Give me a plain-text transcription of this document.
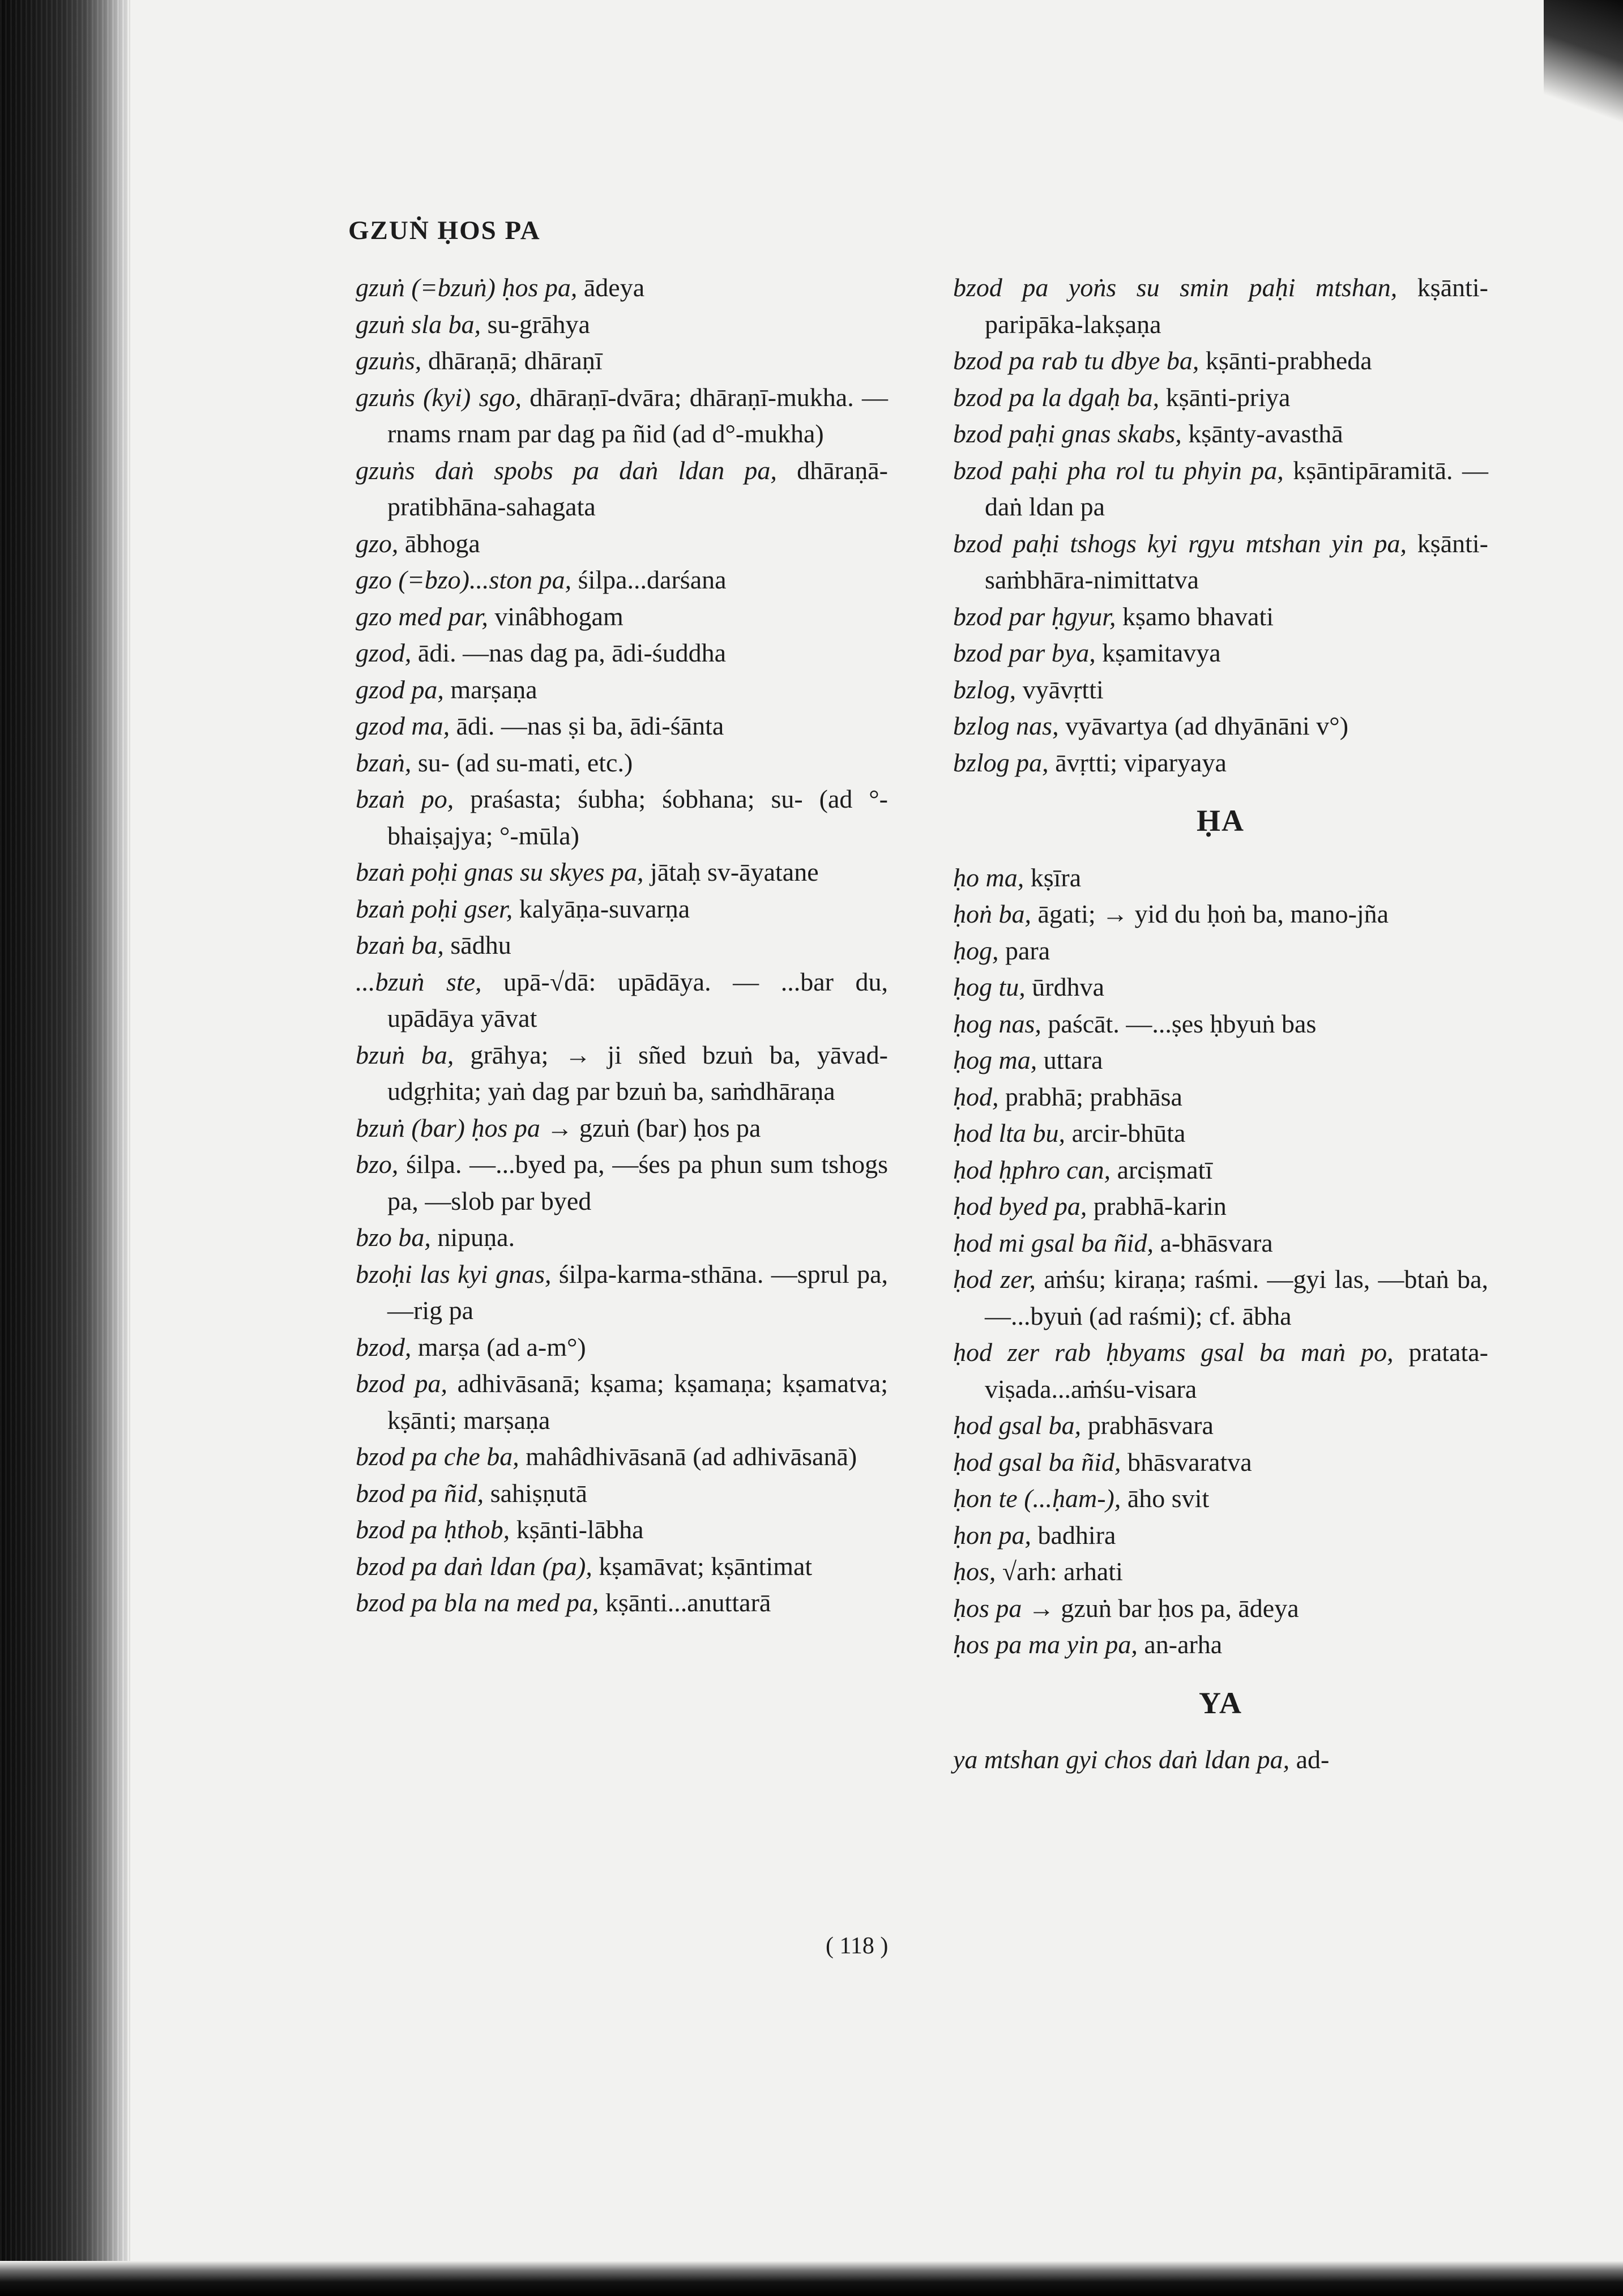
GZUṄ ḤOS PA
gzuṅ (=bzuṅ) ḥos pa, ādeya
gzuṅ sla ba, su-grāhya
gzuṅs, dhāraṇā; dhāraṇī
gzuṅs (kyi) sgo, dhāraṇī-dvāra; dhāraṇī-mukha. —rnams rnam par dag pa ñid (ad d°-mukha)
gzuṅs daṅ spobs pa daṅ ldan pa, dhāraṇā-pratibhāna-sahagata
gzo, ābhoga
gzo (=bzo)...ston pa, śilpa...darśana
gzo med par, vinâbhogam
gzod, ādi. —nas dag pa, ādi-śuddha
gzod pa, marṣaṇa
gzod ma, ādi. —nas ṣi ba, ādi-śānta
bzaṅ, su- (ad su-mati, etc.)
bzaṅ po, praśasta; śubha; śobhana; su- (ad °-bhaiṣajya; °-mūla)
bzaṅ poḥi gnas su skyes pa, jātaḥ sv-āyatane
bzaṅ poḥi gser, kalyāṇa-suvarṇa
bzaṅ ba, sādhu
...bzuṅ ste, upā-√dā: upādāya. — ...bar du, upādāya yāvat
bzuṅ ba, grāhya; → ji sñed bzuṅ ba, yāvad-udgṛhita; yaṅ dag par bzuṅ ba, saṁdhāraṇa
bzuṅ (bar) ḥos pa → gzuṅ (bar) ḥos pa
bzo, śilpa. —...byed pa, —śes pa phun sum tshogs pa, —slob par byed
bzo ba, nipuṇa.
bzoḥi las kyi gnas, śilpa-karma-sthāna. —sprul pa, —rig pa
bzod, marṣa (ad a-m°)
bzod pa, adhivāsanā; kṣama; kṣamaṇa; kṣamatva; kṣānti; marṣaṇa
bzod pa che ba, mahâdhivāsanā (ad adhivāsanā)
bzod pa ñid, sahiṣṇutā
bzod pa ḥthob, kṣānti-lābha
bzod pa daṅ ldan (pa), kṣamāvat; kṣāntimat
bzod pa bla na med pa, kṣānti...anuttarā
bzod pa yoṅs su smin paḥi mtshan, kṣānti-paripāka-lakṣaṇa
bzod pa rab tu dbye ba, kṣānti-prabheda
bzod pa la dgaḥ ba, kṣānti-priya
bzod paḥi gnas skabs, kṣānty-avasthā
bzod paḥi pha rol tu phyin pa, kṣāntipāramitā. —daṅ ldan pa
bzod paḥi tshogs kyi rgyu mtshan yin pa, kṣānti-saṁbhāra-nimittatva
bzod par ḥgyur, kṣamo bhavati
bzod par bya, kṣamitavya
bzlog, vyāvṛtti
bzlog nas, vyāvartya (ad dhyānāni v°)
bzlog pa, āvṛtti; viparyaya
ḤA
ḥo ma, kṣīra
ḥoṅ ba, āgati; → yid du ḥoṅ ba, mano-jña
ḥog, para
ḥog tu, ūrdhva
ḥog nas, paścāt. —...ṣes ḥbyuṅ bas
ḥog ma, uttara
ḥod, prabhā; prabhāsa
ḥod lta bu, arcir-bhūta
ḥod ḥphro can, arciṣmatī
ḥod byed pa, prabhā-karin
ḥod mi gsal ba ñid, a-bhāsvara
ḥod zer, aṁśu; kiraṇa; raśmi. —gyi las, —btaṅ ba, —...byuṅ (ad raśmi); cf. ābha
ḥod zer rab ḥbyams gsal ba maṅ po, pratata-viṣada...aṁśu-visara
ḥod gsal ba, prabhāsvara
ḥod gsal ba ñid, bhāsvaratva
ḥon te (...ḥam-), āho svit
ḥon pa, badhira
ḥos, √arh: arhati
ḥos pa → gzuṅ bar ḥos pa, ādeya
ḥos pa ma yin pa, an-arha
YA
ya mtshan gyi chos daṅ ldan pa, ad-
( 118 )
